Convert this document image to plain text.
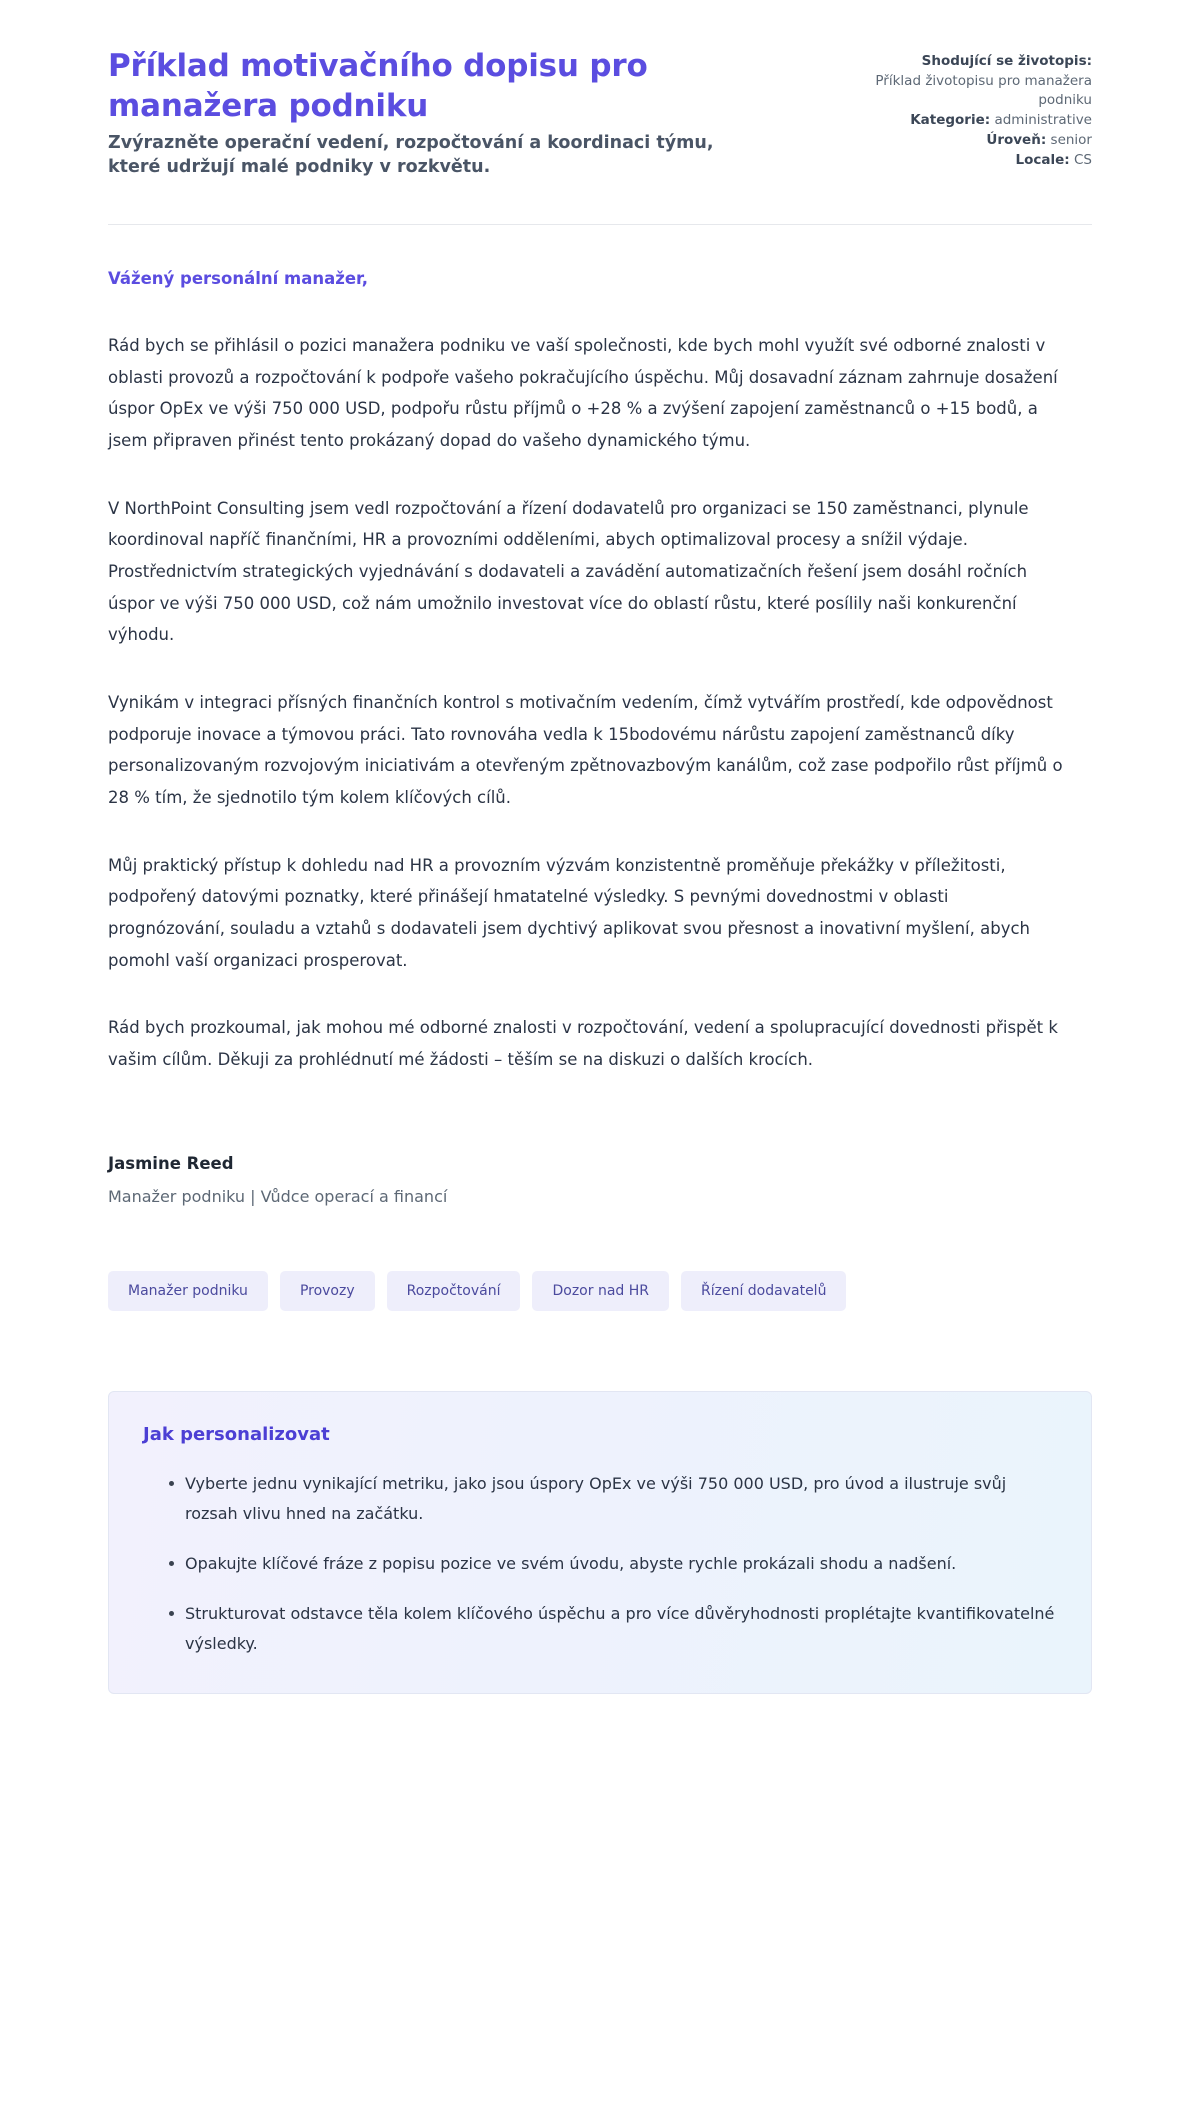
Příklad motivačního dopisu pro manažera podniku

Zvýrazněte operační vedení, rozpočtování a koordinaci týmu, které udržují malé podniky v rozkvětu.

Shodující se životopis:
Příklad životopisu pro manažera podniku
Kategorie: administrative
Úroveň: senior
Locale: CS

Vážený personální manažer,

Rád bych se přihlásil o pozici manažera podniku ve vaší společnosti, kde bych mohl využít své odborné znalosti v oblasti provozů a rozpočtování k podpoře vašeho pokračujícího úspěchu. Můj dosavadní záznam zahrnuje dosažení úspor OpEx ve výši 750 000 USD, podpořu růstu příjmů o +28 % a zvýšení zapojení zaměstnanců o +15 bodů, a jsem připraven přinést tento prokázaný dopad do vašeho dynamického týmu.

V NorthPoint Consulting jsem vedl rozpočtování a řízení dodavatelů pro organizaci se 150 zaměstnanci, plynule koordinoval napříč finančními, HR a provozními odděleními, abych optimalizoval procesy a snížil výdaje. Prostřednictvím strategických vyjednávání s dodavateli a zavádění automatizačních řešení jsem dosáhl ročních úspor ve výši 750 000 USD, což nám umožnilo investovat více do oblastí růstu, které posílily naši konkurenční výhodu.

Vynikám v integraci přísných finančních kontrol s motivačním vedením, čímž vytvářím prostředí, kde odpovědnost podporuje inovace a týmovou práci. Tato rovnováha vedla k 15bodovému nárůstu zapojení zaměstnanců díky personalizovaným rozvojovým iniciativám a otevřeným zpětnovazbovým kanálům, což zase podpořilo růst příjmů o 28 % tím, že sjednotilo tým kolem klíčových cílů.

Můj praktický přístup k dohledu nad HR a provozním výzvám konzistentně proměňuje překážky v příležitosti, podpořený datovými poznatky, které přinášejí hmatatelné výsledky. S pevnými dovednostmi v oblasti prognózování, souladu a vztahů s dodavateli jsem dychtivý aplikovat svou přesnost a inovativní myšlení, abych pomohl vaší organizaci prosperovat.

Rád bych prozkoumal, jak mohou mé odborné znalosti v rozpočtování, vedení a spolupracující dovednosti přispět k vašim cílům. Děkuji za prohlédnutí mé žádosti – těším se na diskuzi o dalších krocích.

Jasmine Reed

Manažer podniku | Vůdce operací a financí

Manažer podniku	Provozy	Rozpočtování	Dozor nad HR	Řízení dodavatelů
Jak personalizovat
Vyberte jednu vynikající metriku, jako jsou úspory OpEx ve výši 750 000 USD, pro úvod a ilustruje svůj rozsah vlivu hned na začátku.
Opakujte klíčové fráze z popisu pozice ve svém úvodu, abyste rychle prokázali shodu a nadšení.
Strukturovat odstavce těla kolem klíčového úspěchu a pro více důvěryhodnosti proplétajte kvantifikovatelné výsledky.
